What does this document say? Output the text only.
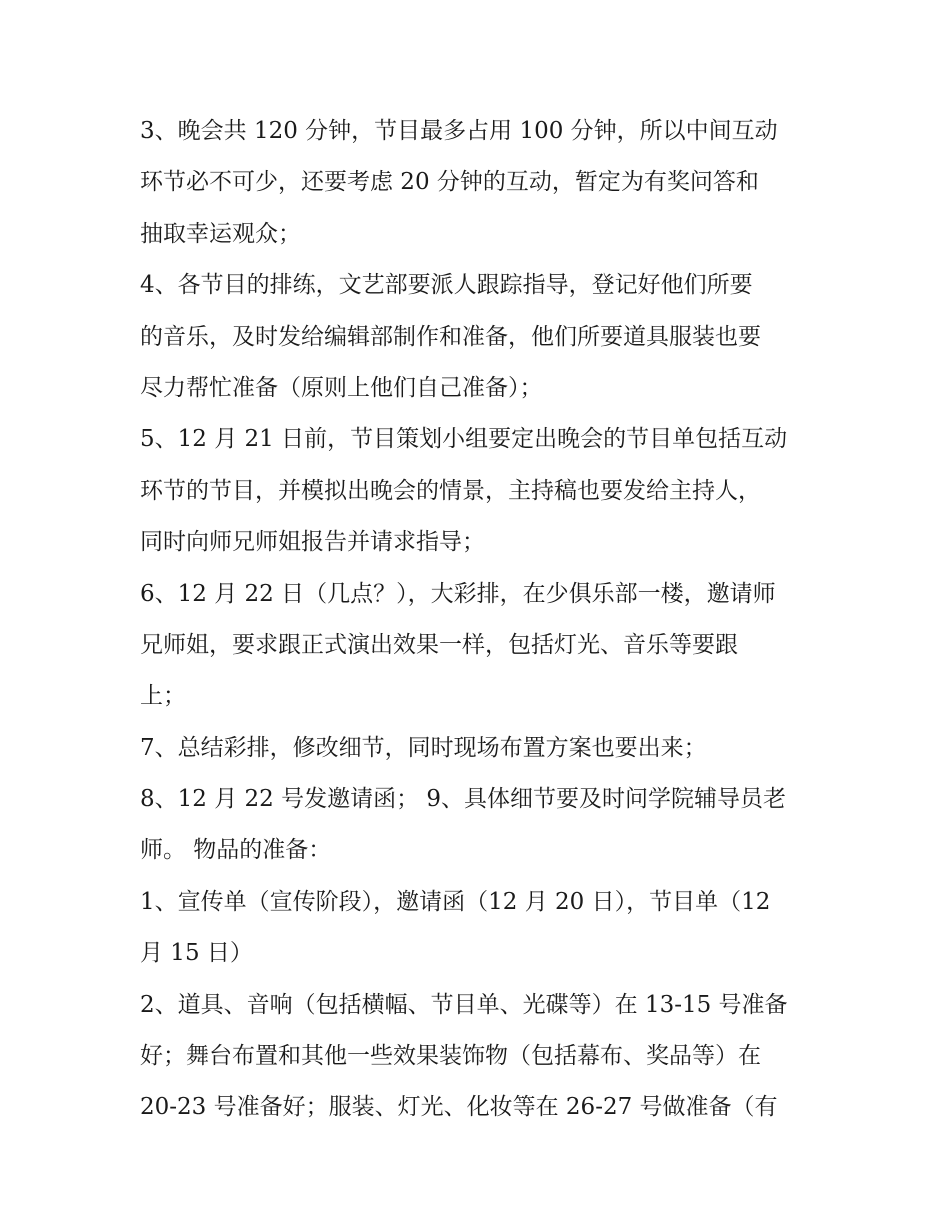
3、晚会共 120 分钟，节目最多占用 100 分钟，所以中间互动
环节必不可少，还要考虑 20 分钟的互动，暂定为有奖问答和
抽取幸运观众；
4、各节目的排练，文艺部要派人跟踪指导，登记好他们所要
的音乐，及时发给编辑部制作和准备，他们所要道具服装也要
尽力帮忙准备（原则上他们自己准备）；
5、12 月 21 日前，节目策划小组要定出晚会的节目单包括互动
环节的节目，并模拟出晚会的情景，主持稿也要发给主持人，
同时向师兄师姐报告并请求指导；
6、12 月 22 日（几点？），大彩排，在少俱乐部一楼，邀请师
兄师姐，要求跟正式演出效果一样，包括灯光、音乐等要跟
上；
7、总结彩排，修改细节，同时现场布置方案也要出来；
8、12 月 22 号发邀请函； 9、具体细节要及时问学院辅导员老
师。 物品的准备：
1、宣传单（宣传阶段），邀请函（12 月 20 日），节目单（12
月 15 日）
2、道具、音响（包括横幅、节目单、光碟等）在 13-15 号准备
好；舞台布置和其他一些效果装饰物（包括幕布、奖品等）在
20-23 号准备好；服装、灯光、化妆等在 26-27 号做准备（有
